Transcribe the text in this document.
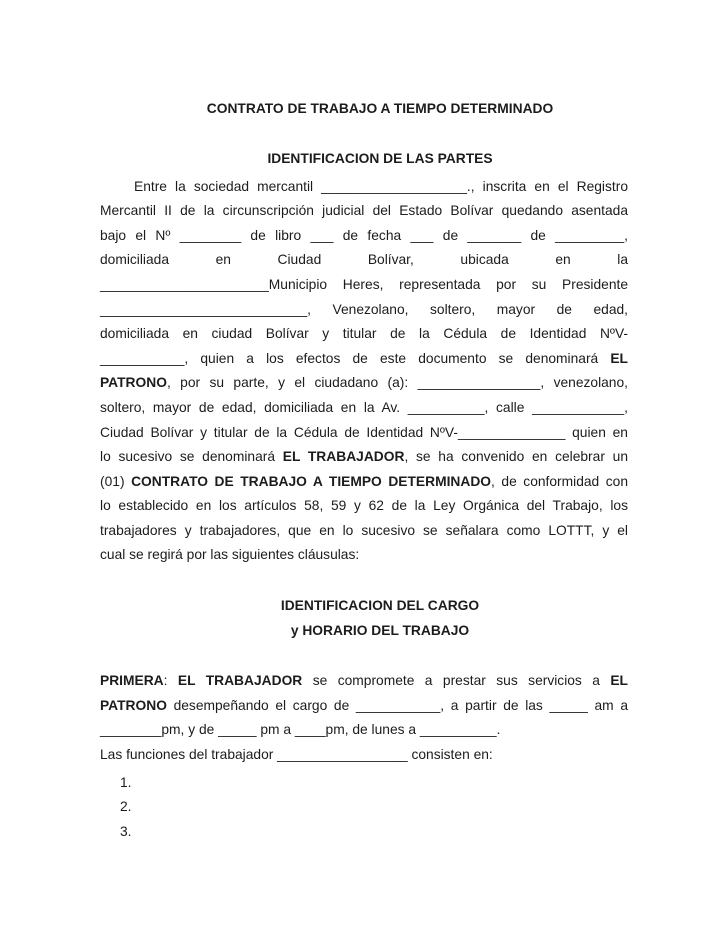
CONTRATO DE TRABAJO A TIEMPO DETERMINADO
IDENTIFICACION DE LAS PARTES
Entre la sociedad mercantil ___________________., inscrita en el Registro
Mercantil II de la circunscripción judicial del Estado Bolívar quedando asentada
bajo el Nº ________ de libro ___ de fecha ___ de _______ de _________,
domiciliada en Ciudad Bolívar, ubicada en la
______________________Municipio Heres, representada por su Presidente
___________________________, Venezolano, soltero, mayor de edad,
domiciliada en ciudad Bolívar y titular de la Cédula de Identidad NºV-
___________, quien a los efectos de este documento se denominará EL
PATRONO, por su parte, y el ciudadano (a): ________________, venezolano,
soltero, mayor de edad, domiciliada en la Av. __________, calle ____________,
Ciudad Bolívar y titular de la Cédula de Identidad NºV-______________ quien en
lo sucesivo se denominará EL TRABAJADOR, se ha convenido en celebrar un
(01) CONTRATO DE TRABAJO A TIEMPO DETERMINADO, de conformidad con
lo establecido en los artículos 58, 59 y 62 de la Ley Orgánica del Trabajo, los
trabajadores y trabajadores, que en lo sucesivo se señalara como LOTTT, y el
cual se regirá por las siguientes cláusulas:
IDENTIFICACION DEL CARGO
y HORARIO DEL TRABAJO
PRIMERA: EL TRABAJADOR se compromete a prestar sus servicios a EL
PATRONO desempeñando el cargo de ___________, a partir de las _____ am a
________pm, y de _____ pm a ____pm, de lunes a __________.
Las funciones del trabajador _________________ consisten en:
1.
2.
3.
